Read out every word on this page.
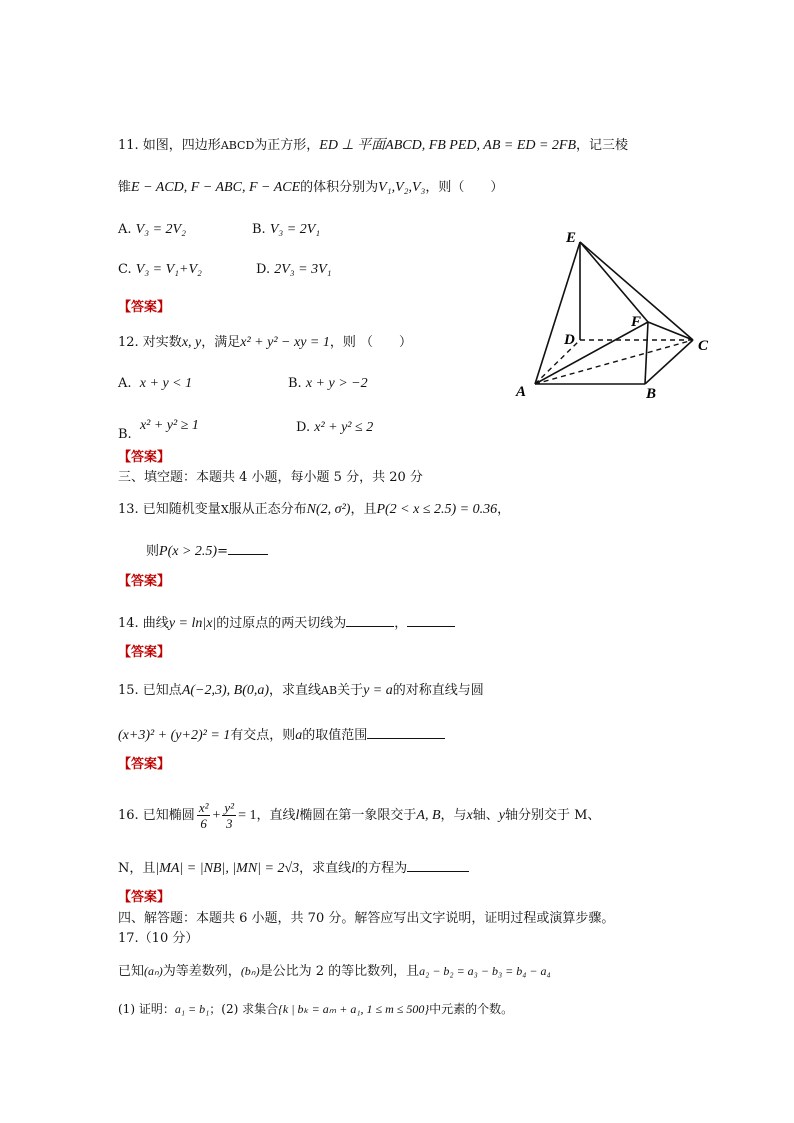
11. 如图，四边形ABCD为正方形，ED ⊥ 平面ABCD, FB PED, AB = ED = 2FB，记三棱
锥E − ACD, F − ABC, F − ACE的体积分别为V₁,V₂,V₃，则（　　）
A. V₃ = 2V₂	B. V₃ = 2V₁
C. V₃ = V₁+V₂	D. 2V₃ = 3V₁
【答案】
E
D
F
C
A	B
12. 对实数x, y，满足x² + y² − xy = 1，则 （　　）
A. x + y < 1	B. x + y > −2
B.  x² + y² ≥ 1	D. x² + y² ≤ 2
【答案】
三、填空题：本题共 4 小题，每小题 5 分，共 20 分
13. 已知随机变量X服从正态分布N(2, σ²)，且P(2 < x ≤ 2.5) = 0.36，
则P(x > 2.5)=
【答案】
14. 曲线y = ln|x|的过原点的两天切线为	，
【答案】
15. 已知点A(−2,3), B(0,a)，求直线AB关于y = a的对称直线与圆
(x+3)² + (y+2)² = 1有交点，则a的取值范围
【答案】
16. 已知椭圆 $\frac{\text{x²}}{6} + \frac{\text{y²}}{3} = 1$，直线l椭圆在第一象限交于A, B，与x轴、y轴分别交于 M、
N，且|MA| = |NB|, |MN| = 2√3，求直线l的方程为
【答案】
四、解答题：本题共 6 小题，共 70 分。解答应写出文字说明，证明过程或演算步骤。
17.（10 分）
已知(aₙ)为等差数列，(bₙ)是公比为 2 的等比数列，且a₂ − b₂ = a₃ − b₃ = b₄ − a₄
(1) 证明：a₁ = b₁；(2) 求集合{k | bₖ = aₘ + a₁, 1 ≤ m ≤ 500}中元素的个数。
